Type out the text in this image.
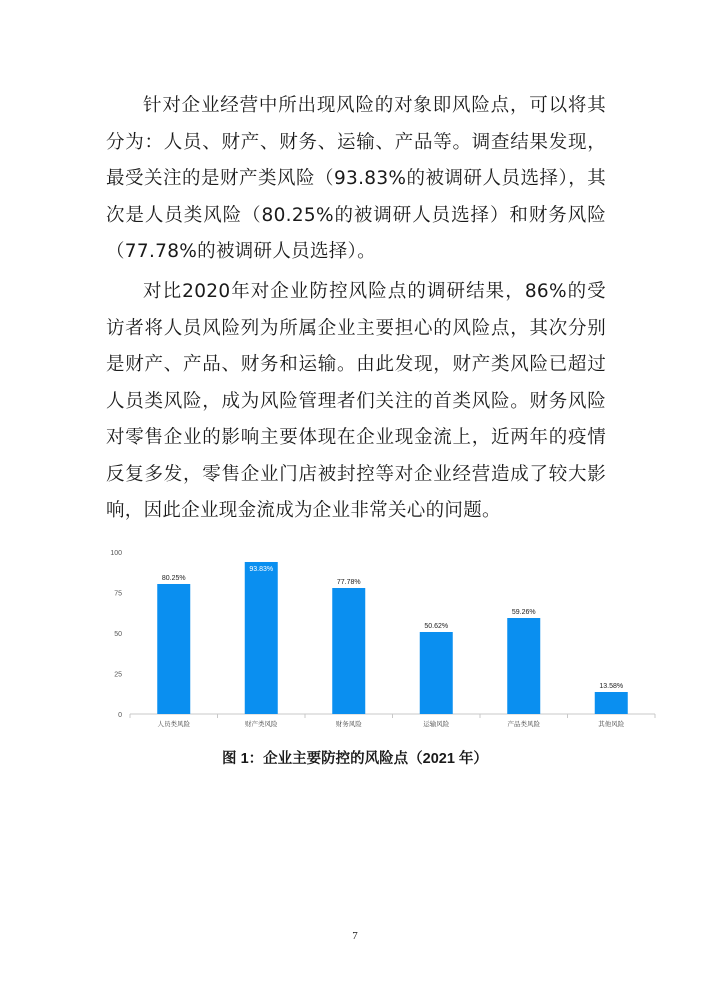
针对企业经营中所出现风险的对象即风险点，可以将其分为：人员、财产、财务、运输、产品等。调查结果发现，最受关注的是财产类风险（93.83%的被调研人员选择），其次是人员类风险（80.25%的被调研人员选择）和财务风险（77.78%的被调研人员选择）。

对比2020年对企业防控风险点的调研结果，86%的受访者将人员风险列为所属企业主要担心的风险点，其次分别是财产、产品、财务和运输。由此发现，财产类风险已超过人员类风险，成为风险管理者们关注的首类风险。财务风险对零售企业的影响主要体现在企业现金流上，近两年的疫情反复多发，零售企业门店被封控等对企业经营造成了较大影响，因此企业现金流成为企业非常关心的问题。

0
25
50
75
100
80.25%
人员类风险
93.83%
财产类风险
77.78%
财务风险
50.62%
运输风险
59.26%
产品类风险
13.58%
其他风险
图 1：企业主要防控的风险点（2021 年）
7
